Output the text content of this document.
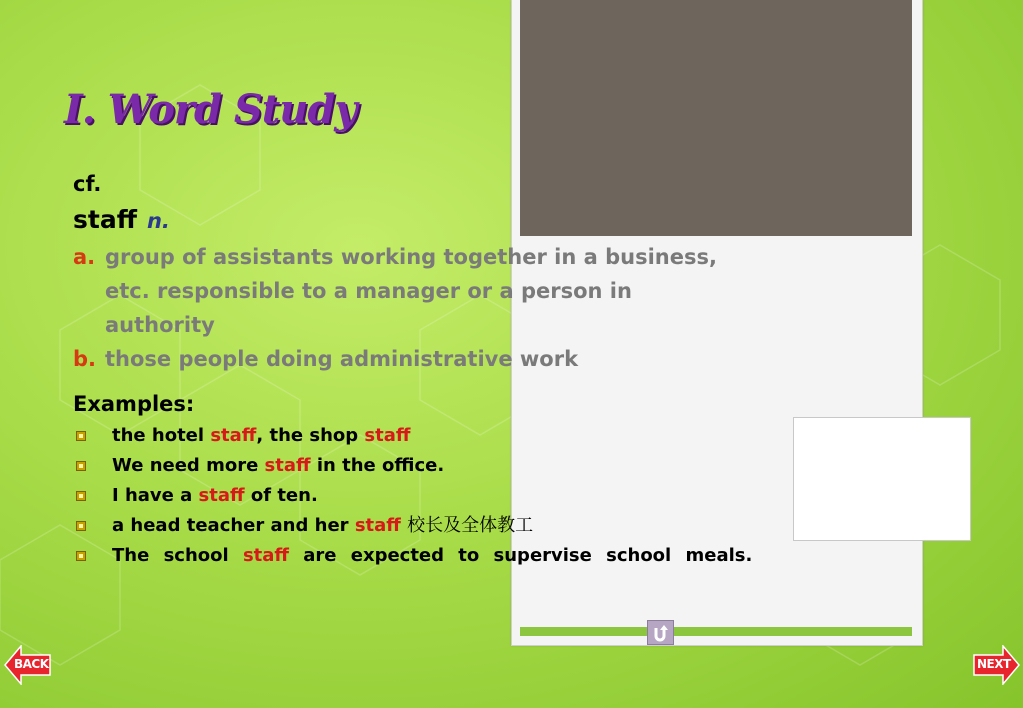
I. Word Study
cf.
staff n.
a. group of assistants working together in a business, etc. responsible to a manager or a person in authority
b. those people doing administrative work
Examples:
the hotel staff, the shop staff
We need more staff in the office.
I have a staff of ten.
a head teacher and her staff 校长及全体教工
The school staff are expected to supervise school meals.
BACK	NEXT
